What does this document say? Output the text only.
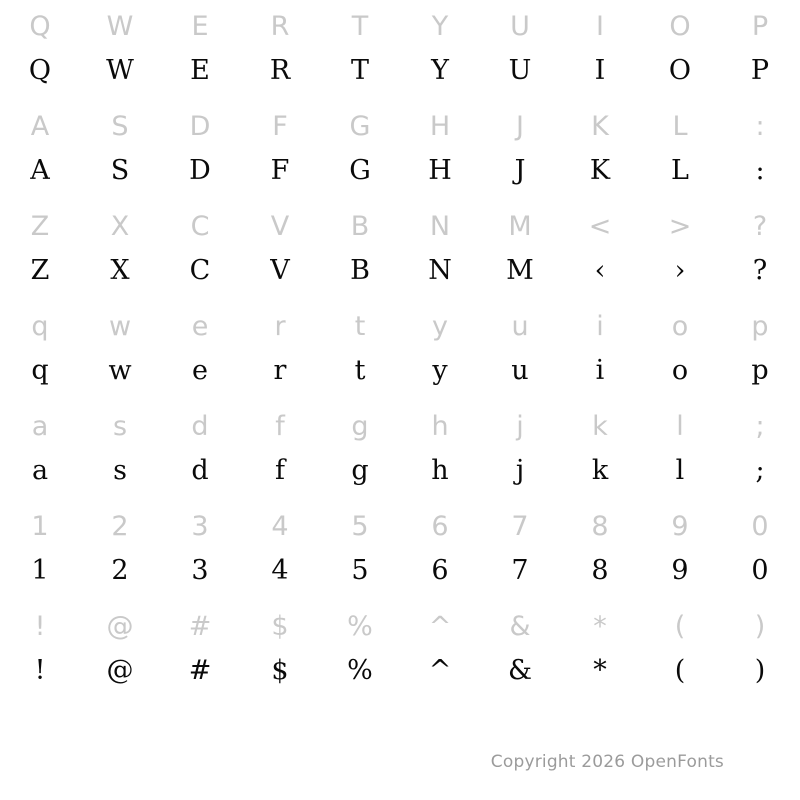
Q
Q
W
W
E
E
R
R
T
T
Y
Y
U
U
I
I
O
O
P
P
A
A
S
S
D
D
F
F
G
G
H
H
J
J
K
K
L
L
:
:
Z
Z
X
X
C
C
V
V
B
B
N
N
M
M
<
‹
>
›
?
?
q
q
w
w
e
e
r
r
t
t
y
y
u
u
i
i
o
o
p
p
a
a
s
s
d
d
f
f
g
g
h
h
j
j
k
k
l
l
;
;
1
1
2
2
3
3
4
4
5
5
6
6
7
7
8
8
9
9
0
0
!
!
@
@
#
#
$
$
%
%
^
^
&
&
*
*
(
(
)
)
Copyright 2026 OpenFonts
